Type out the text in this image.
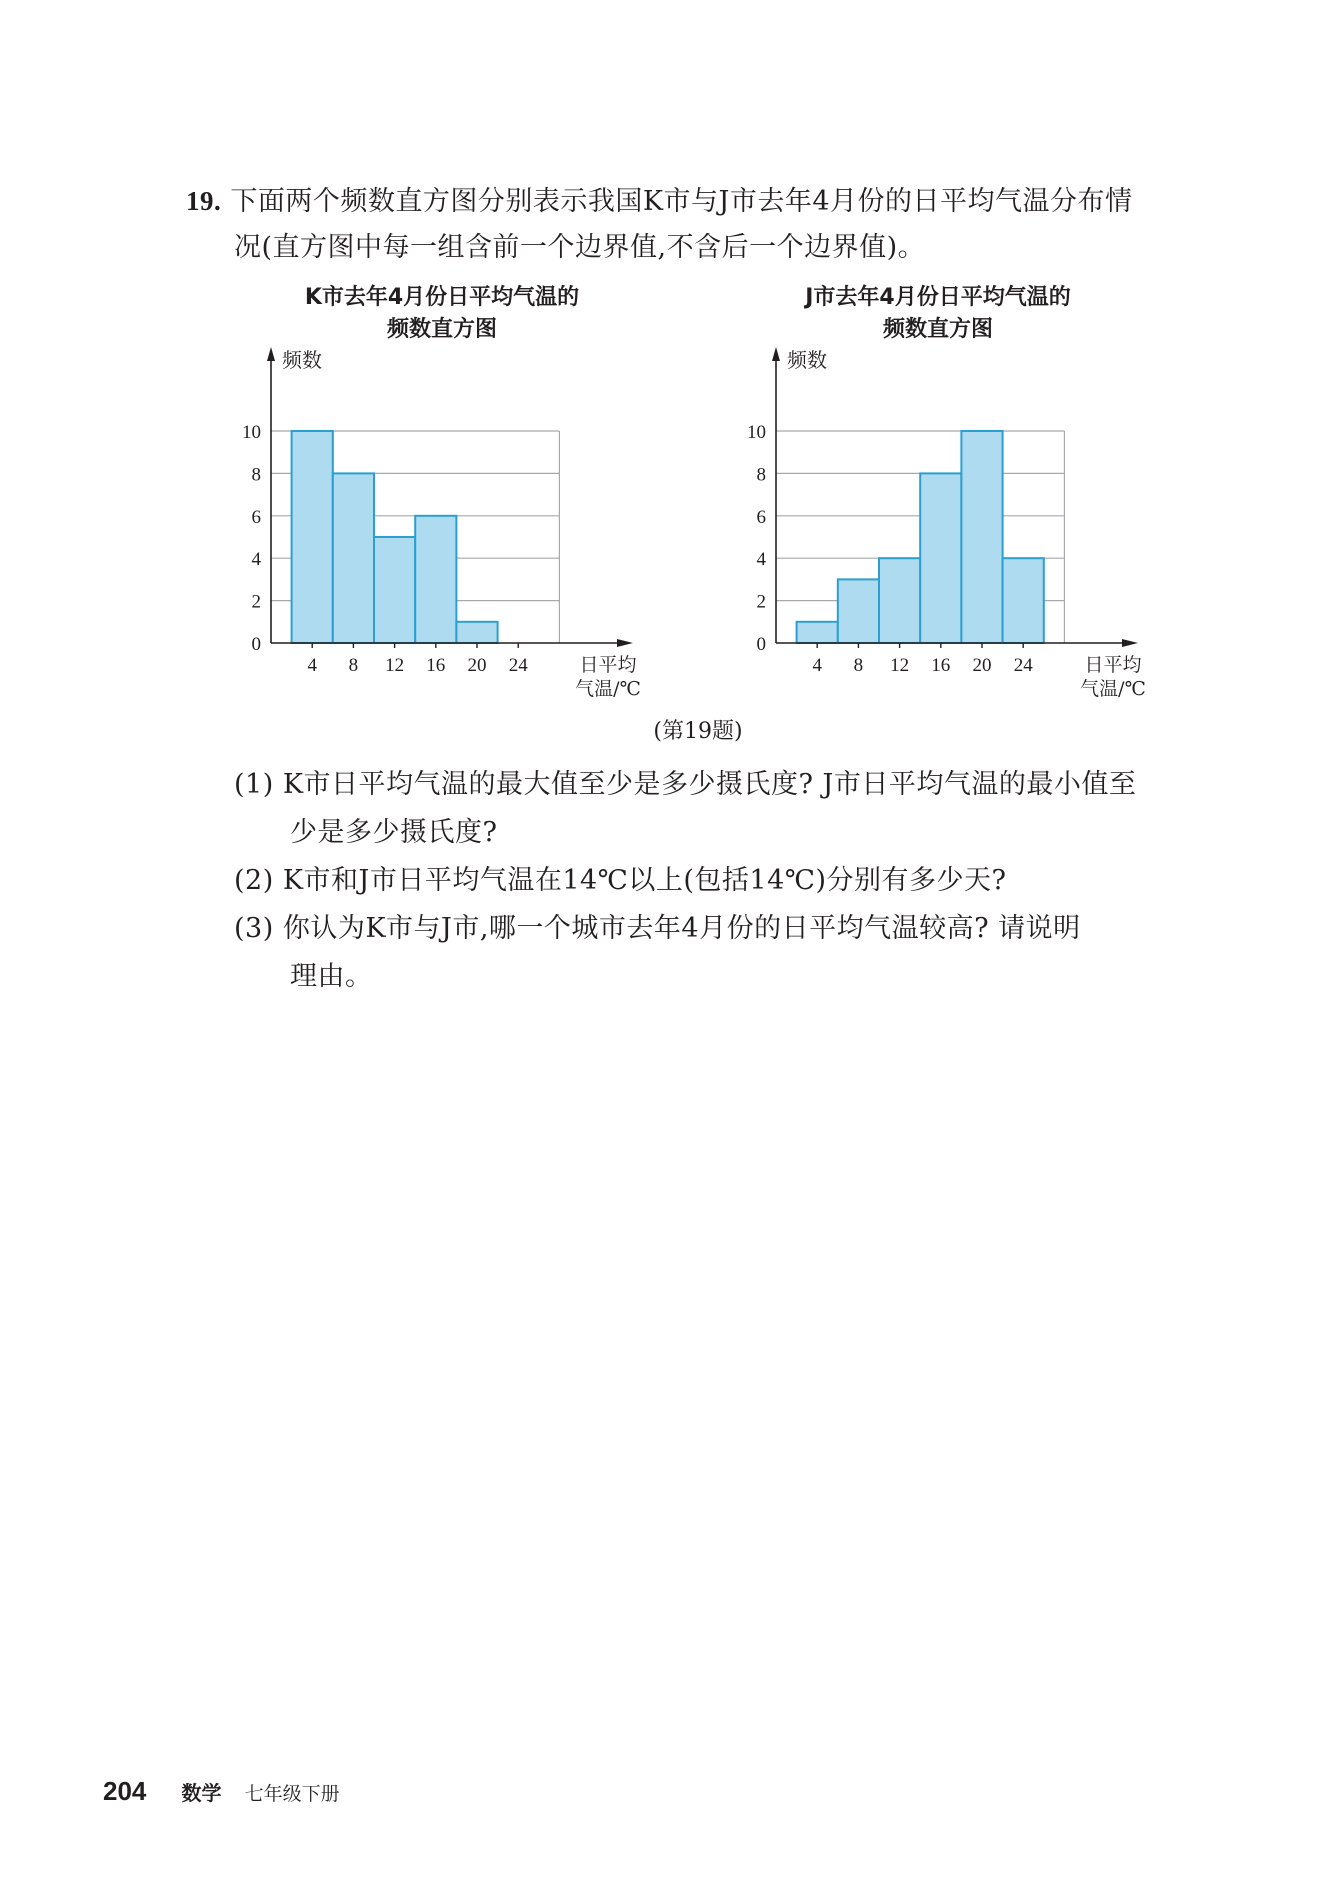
19. 下面两个频数直方图分别表示我国K市与J市去年4月份的日平均气温分布情
况(直方图中每一组含前一个边界值,不含后一个边界值)。
K市去年4月份日平均气温的
频数直方图
J市去年4月份日平均气温的
频数直方图
0
2
4
6
8
10
4 8 12 16 20 24
频数
日平均
气温/℃
0
2
4
6
8
10
4 8 12 16 20 24
频数
日平均
气温/℃
(第19题)
(1) K市日平均气温的最大值至少是多少摄氏度? J市日平均气温的最小值至
少是多少摄氏度?
(2) K市和J市日平均气温在14℃以上(包括14℃)分别有多少天?
(3) 你认为K市与J市,哪一个城市去年4月份的日平均气温较高? 请说明
理由。
204 数学 七年级下册
